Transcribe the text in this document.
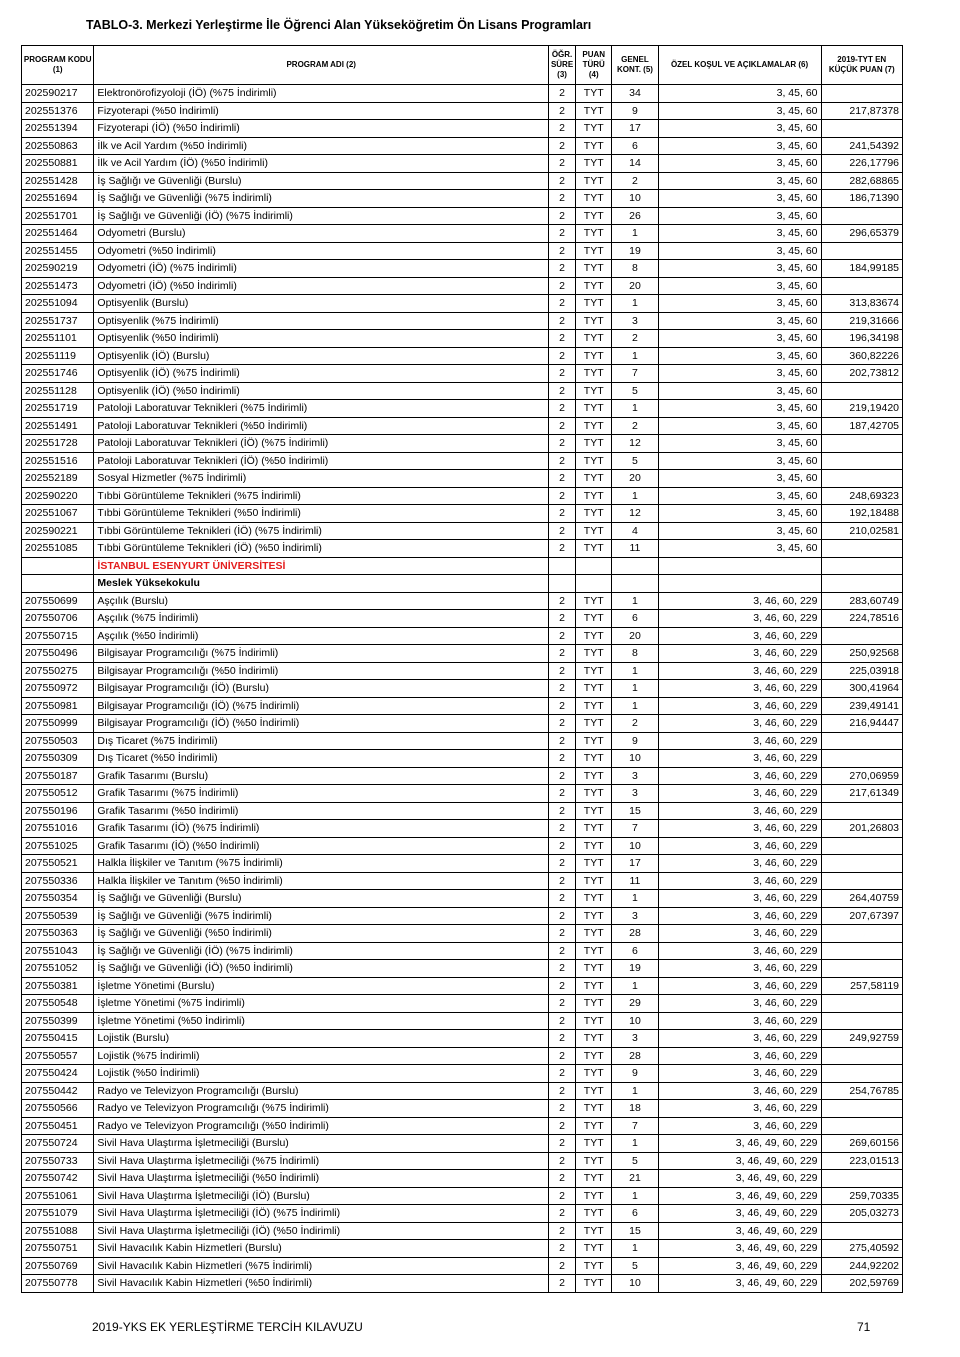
TABLO-3. Merkezi Yerleştirme İle Öğrenci Alan Yükseköğretim Ön Lisans Programları
PROGRAM KODU (1)	PROGRAM ADI (2)	ÖĞR. SÜRE (3)	PUAN TÜRÜ (4)	GENEL KONT. (5)	ÖZEL KOŞUL VE AÇIKLAMALAR (6)	2019-TYT EN KÜÇÜK PUAN (7)
202590217	Elektronörofizyoloji (İÖ) (%75 İndirimli)	2	TYT	34	3, 45, 60	
202551376	Fizyoterapi (%50 İndirimli)	2	TYT	9	3, 45, 60	217,87378
202551394	Fizyoterapi (İÖ) (%50 İndirimli)	2	TYT	17	3, 45, 60	
202550863	İlk ve Acil Yardım (%50 İndirimli)	2	TYT	6	3, 45, 60	241,54392
202550881	İlk ve Acil Yardım (İÖ) (%50 İndirimli)	2	TYT	14	3, 45, 60	226,17796
202551428	İş Sağlığı ve Güvenliği (Burslu)	2	TYT	2	3, 45, 60	282,68865
202551694	İş Sağlığı ve Güvenliği (%75 İndirimli)	2	TYT	10	3, 45, 60	186,71390
202551701	İş Sağlığı ve Güvenliği (İÖ) (%75 İndirimli)	2	TYT	26	3, 45, 60	
202551464	Odyometri (Burslu)	2	TYT	1	3, 45, 60	296,65379
202551455	Odyometri (%50 İndirimli)	2	TYT	19	3, 45, 60	
202590219	Odyometri (İÖ) (%75 İndirimli)	2	TYT	8	3, 45, 60	184,99185
202551473	Odyometri (İÖ) (%50 İndirimli)	2	TYT	20	3, 45, 60	
202551094	Optisyenlik (Burslu)	2	TYT	1	3, 45, 60	313,83674
202551737	Optisyenlik (%75 İndirimli)	2	TYT	3	3, 45, 60	219,31666
202551101	Optisyenlik (%50 İndirimli)	2	TYT	2	3, 45, 60	196,34198
202551119	Optisyenlik (İÖ) (Burslu)	2	TYT	1	3, 45, 60	360,82226
202551746	Optisyenlik (İÖ) (%75 İndirimli)	2	TYT	7	3, 45, 60	202,73812
202551128	Optisyenlik (İÖ) (%50 İndirimli)	2	TYT	5	3, 45, 60	
202551719	Patoloji Laboratuvar Teknikleri (%75 İndirimli)	2	TYT	1	3, 45, 60	219,19420
202551491	Patoloji Laboratuvar Teknikleri (%50 İndirimli)	2	TYT	2	3, 45, 60	187,42705
202551728	Patoloji Laboratuvar Teknikleri (İÖ) (%75 İndirimli)	2	TYT	12	3, 45, 60	
202551516	Patoloji Laboratuvar Teknikleri (İÖ) (%50 İndirimli)	2	TYT	5	3, 45, 60	
202552189	Sosyal Hizmetler (%75 İndirimli)	2	TYT	20	3, 45, 60	
202590220	Tıbbi Görüntüleme Teknikleri (%75 İndirimli)	2	TYT	1	3, 45, 60	248,69323
202551067	Tıbbi Görüntüleme Teknikleri (%50 İndirimli)	2	TYT	12	3, 45, 60	192,18488
202590221	Tıbbi Görüntüleme Teknikleri (İÖ) (%75 İndirimli)	2	TYT	4	3, 45, 60	210,02581
202551085	Tıbbi Görüntüleme Teknikleri (İÖ) (%50 İndirimli)	2	TYT	11	3, 45, 60	
	İSTANBUL ESENYURT ÜNİVERSİTESİ					
	Meslek Yüksekokulu					
207550699	Aşçılık (Burslu)	2	TYT	1	3, 46, 60, 229	283,60749
207550706	Aşçılık (%75 İndirimli)	2	TYT	6	3, 46, 60, 229	224,78516
207550715	Aşçılık (%50 İndirimli)	2	TYT	20	3, 46, 60, 229	
207550496	Bilgisayar Programcılığı (%75 İndirimli)	2	TYT	8	3, 46, 60, 229	250,92568
207550275	Bilgisayar Programcılığı (%50 İndirimli)	2	TYT	1	3, 46, 60, 229	225,03918
207550972	Bilgisayar Programcılığı (İÖ) (Burslu)	2	TYT	1	3, 46, 60, 229	300,41964
207550981	Bilgisayar Programcılığı (İÖ) (%75 İndirimli)	2	TYT	1	3, 46, 60, 229	239,49141
207550999	Bilgisayar Programcılığı (İÖ) (%50 İndirimli)	2	TYT	2	3, 46, 60, 229	216,94447
207550503	Dış Ticaret (%75 İndirimli)	2	TYT	9	3, 46, 60, 229	
207550309	Dış Ticaret (%50 İndirimli)	2	TYT	10	3, 46, 60, 229	
207550187	Grafik Tasarımı (Burslu)	2	TYT	3	3, 46, 60, 229	270,06959
207550512	Grafik Tasarımı (%75 İndirimli)	2	TYT	3	3, 46, 60, 229	217,61349
207550196	Grafik Tasarımı (%50 İndirimli)	2	TYT	15	3, 46, 60, 229	
207551016	Grafik Tasarımı (İÖ) (%75 İndirimli)	2	TYT	7	3, 46, 60, 229	201,26803
207551025	Grafik Tasarımı (İÖ) (%50 İndirimli)	2	TYT	10	3, 46, 60, 229	
207550521	Halkla İlişkiler ve Tanıtım (%75 İndirimli)	2	TYT	17	3, 46, 60, 229	
207550336	Halkla İlişkiler ve Tanıtım (%50 İndirimli)	2	TYT	11	3, 46, 60, 229	
207550354	İş Sağlığı ve Güvenliği (Burslu)	2	TYT	1	3, 46, 60, 229	264,40759
207550539	İş Sağlığı ve Güvenliği (%75 İndirimli)	2	TYT	3	3, 46, 60, 229	207,67397
207550363	İş Sağlığı ve Güvenliği (%50 İndirimli)	2	TYT	28	3, 46, 60, 229	
207551043	İş Sağlığı ve Güvenliği (İÖ) (%75 İndirimli)	2	TYT	6	3, 46, 60, 229	
207551052	İş Sağlığı ve Güvenliği (İÖ) (%50 İndirimli)	2	TYT	19	3, 46, 60, 229	
207550381	İşletme Yönetimi (Burslu)	2	TYT	1	3, 46, 60, 229	257,58119
207550548	İşletme Yönetimi (%75 İndirimli)	2	TYT	29	3, 46, 60, 229	
207550399	İşletme Yönetimi (%50 İndirimli)	2	TYT	10	3, 46, 60, 229	
207550415	Lojistik (Burslu)	2	TYT	3	3, 46, 60, 229	249,92759
207550557	Lojistik (%75 İndirimli)	2	TYT	28	3, 46, 60, 229	
207550424	Lojistik (%50 İndirimli)	2	TYT	9	3, 46, 60, 229	
207550442	Radyo ve Televizyon Programcılığı (Burslu)	2	TYT	1	3, 46, 60, 229	254,76785
207550566	Radyo ve Televizyon Programcılığı (%75 İndirimli)	2	TYT	18	3, 46, 60, 229	
207550451	Radyo ve Televizyon Programcılığı (%50 İndirimli)	2	TYT	7	3, 46, 60, 229	
207550724	Sivil Hava Ulaştırma İşletmeciliği (Burslu)	2	TYT	1	3, 46, 49, 60, 229	269,60156
207550733	Sivil Hava Ulaştırma İşletmeciliği (%75 İndirimli)	2	TYT	5	3, 46, 49, 60, 229	223,01513
207550742	Sivil Hava Ulaştırma İşletmeciliği (%50 İndirimli)	2	TYT	21	3, 46, 49, 60, 229	
207551061	Sivil Hava Ulaştırma İşletmeciliği (İÖ) (Burslu)	2	TYT	1	3, 46, 49, 60, 229	259,70335
207551079	Sivil Hava Ulaştırma İşletmeciliği (İÖ) (%75 İndirimli)	2	TYT	6	3, 46, 49, 60, 229	205,03273
207551088	Sivil Hava Ulaştırma İşletmeciliği (İÖ) (%50 İndirimli)	2	TYT	15	3, 46, 49, 60, 229	
207550751	Sivil Havacılık Kabin Hizmetleri (Burslu)	2	TYT	1	3, 46, 49, 60, 229	275,40592
207550769	Sivil Havacılık Kabin Hizmetleri (%75 İndirimli)	2	TYT	5	3, 46, 49, 60, 229	244,92202
207550778	Sivil Havacılık Kabin Hizmetleri (%50 İndirimli)	2	TYT	10	3, 46, 49, 60, 229	202,59769
2019-YKS EK YERLEŞTİRME TERCİH KILAVUZU	71
